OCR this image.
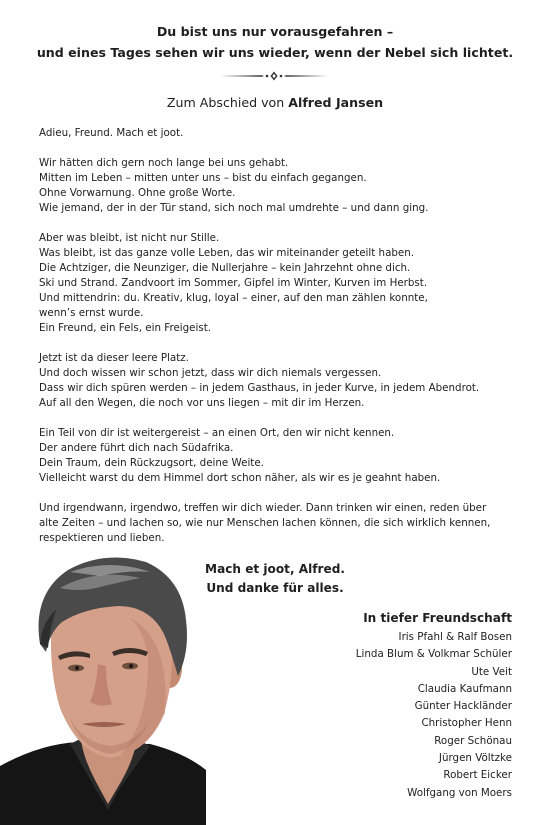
Du bist uns nur vorausgefahren –
und eines Tages sehen wir uns wieder, wenn der Nebel sich lichtet.
Zum Abschied von Alfred Jansen
Adieu, Freund. Mach et joot.
Wir hätten dich gern noch lange bei uns gehabt.
Mitten im Leben – mitten unter uns – bist du einfach gegangen.
Ohne Vorwarnung. Ohne große Worte.
Wie jemand, der in der Tür stand, sich noch mal umdrehte – und dann ging.
Aber was bleibt, ist nicht nur Stille.
Was bleibt, ist das ganze volle Leben, das wir miteinander geteilt haben.
Die Achtziger, die Neunziger, die Nullerjahre – kein Jahrzehnt ohne dich.
Ski und Strand. Zandvoort im Sommer, Gipfel im Winter, Kurven im Herbst.
Und mittendrin: du. Kreativ, klug, loyal – einer, auf den man zählen konnte,
wenn’s ernst wurde.
Ein Freund, ein Fels, ein Freigeist.
Jetzt ist da dieser leere Platz.
Und doch wissen wir schon jetzt, dass wir dich niemals vergessen.
Dass wir dich spüren werden – in jedem Gasthaus, in jeder Kurve, in jedem Abendrot.
Auf all den Wegen, die noch vor uns liegen – mit dir im Herzen.
Ein Teil von dir ist weitergereist – an einen Ort, den wir nicht kennen.
Der andere führt dich nach Südafrika.
Dein Traum, dein Rückzugsort, deine Weite.
Vielleicht warst du dem Himmel dort schon näher, als wir es je geahnt haben.
Und irgendwann, irgendwo, treffen wir dich wieder. Dann trinken wir einen, reden über
alte Zeiten – und lachen so, wie nur Menschen lachen können, die sich wirklich kennen,
respektieren und lieben.
Mach et joot, Alfred.
Und danke für alles.
In tiefer Freundschaft
Iris Pfahl & Ralf Bosen
Linda Blum & Volkmar Schüler
Ute Veit
Claudia Kaufmann
Günter Hackländer
Christopher Henn
Roger Schönau
Jürgen Völtzke
Robert Eicker
Wolfgang von Moers
